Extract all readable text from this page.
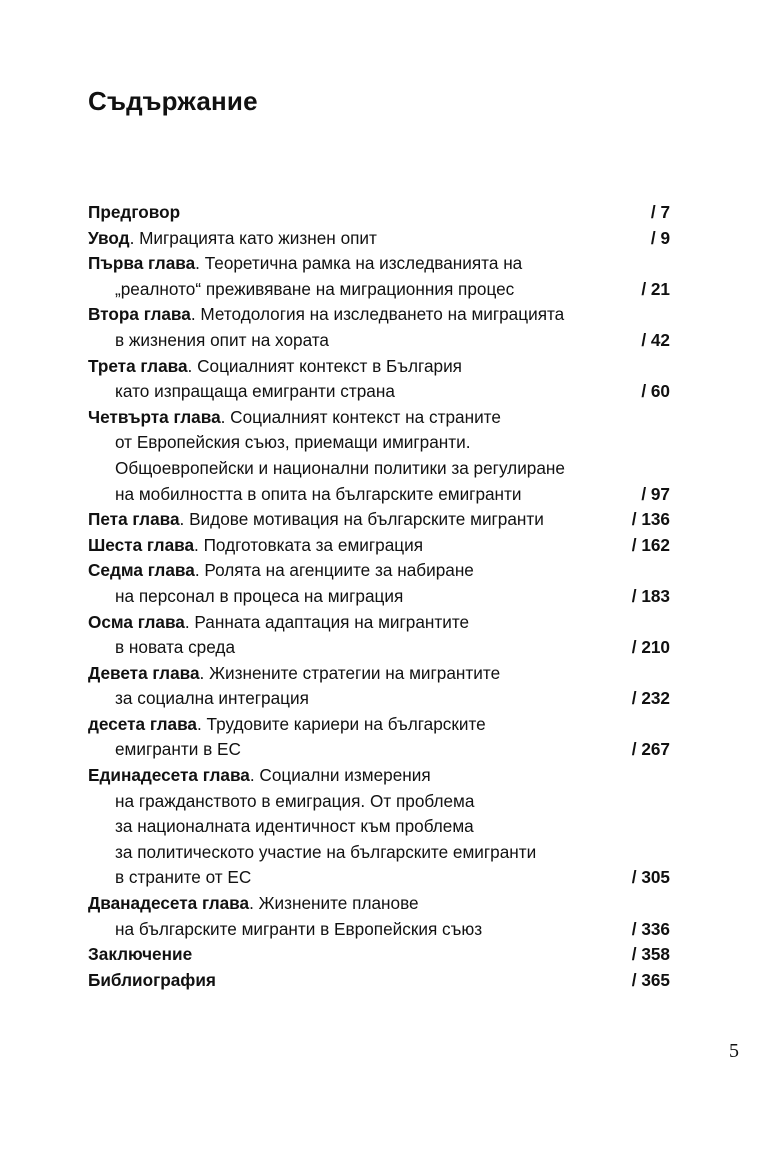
Съдържание
Предговор	/ 7
Увод. Миграцията като жизнен опит	/ 9
Първа глава. Теоретична рамка на изследванията на
„реалното“ преживяване на миграционния процес	/ 21
Втора глава. Методология на изследването на миграцията
в жизнения опит на хората	/ 42
Трета глава. Социалният контекст в България
като изпращаща емигранти страна	/ 60
Четвърта глава. Социалният контекст на страните
от Европейския съюз, приемащи имигранти.
Общоевропейски и национални политики за регулиране
на мобилността в опита на българските емигранти	/ 97
Пета глава. Видове мотивация на българските мигранти	/ 136
Шеста глава. Подготовката за емиграция	/ 162
Седма глава. Ролята на агенциите за набиране
на персонал в процеса на миграция	/ 183
Осма глава. Ранната адаптация на мигрантите
в новата среда	/ 210
Девета глава. Жизнените стратегии на мигрантите
за социална интеграция	/ 232
десета глава. Трудовите кариери на българските
емигранти в ЕС	/ 267
Единадесета глава. Социални измерения
на гражданството в емиграция. От проблема
за националната идентичност към проблема
за политическото участие на българските емигранти
в страните от ЕС	/ 305
Дванадесета глава. Жизнените планове
на българските мигранти в Европейския съюз	/ 336
Заключение	/ 358
Библиография	/ 365
5
